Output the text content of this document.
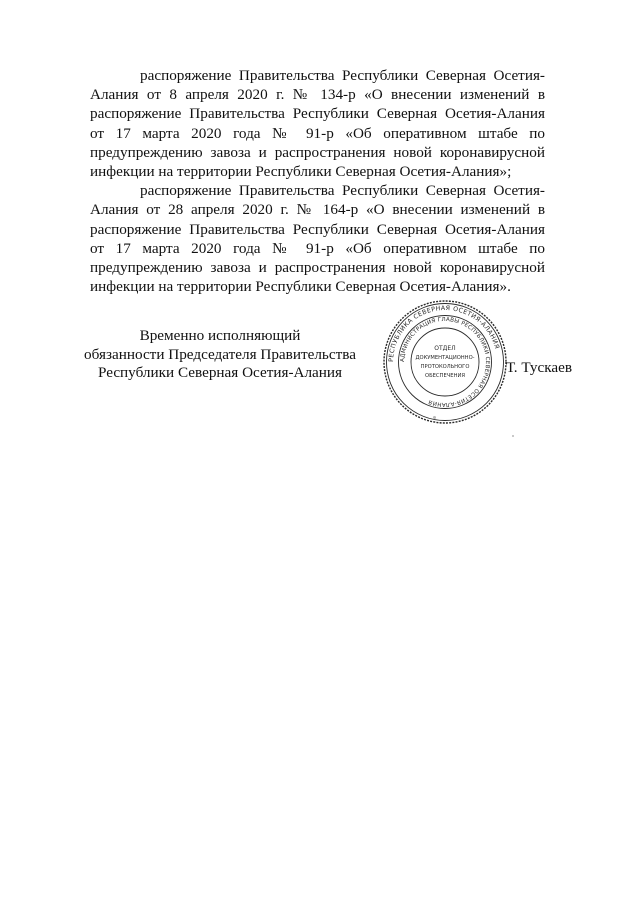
распоряжение Правительства Республики Северная Осетия-Алания от 8 апреля 2020 г. № 134-р «О внесении изменений в распоряжение Правительства Республики Северная Осетия-Алания от 17 марта 2020 года № 91-р «Об оперативном штабе по предупреждению завоза и распространения новой коронавирусной инфекции на территории Республики Северная Осетия-Алания»;

распоряжение Правительства Республики Северная Осетия-Алания от 28 апреля 2020 г. № 164-р «О внесении изменений в распоряжение Правительства Республики Северная Осетия-Алания от 17 марта 2020 года № 91-р «Об оперативном штабе по предупреждению завоза и распространения новой коронавирусной инфекции на территории Республики Северная Осетия-Алания».

Временно исполняющий
обязанности Председателя Правительства
Республики Северная Осетия-Алания
РЕСПУБЛИКА СЕВЕРНАЯ ОСЕТИЯ-АЛАНИЯ
АДМИНИСТРАЦИЯ ГЛАВЫ РЕСПУБЛИКИ СЕВЕРНАЯ ОСЕТИЯ-АЛАНИЯ
ОТДЕЛ
ДОКУМЕНТАЦИОННО-
ПРОТОКОЛЬНОГО
ОБЕСПЕЧЕНИЯ	Т. Тускаев
